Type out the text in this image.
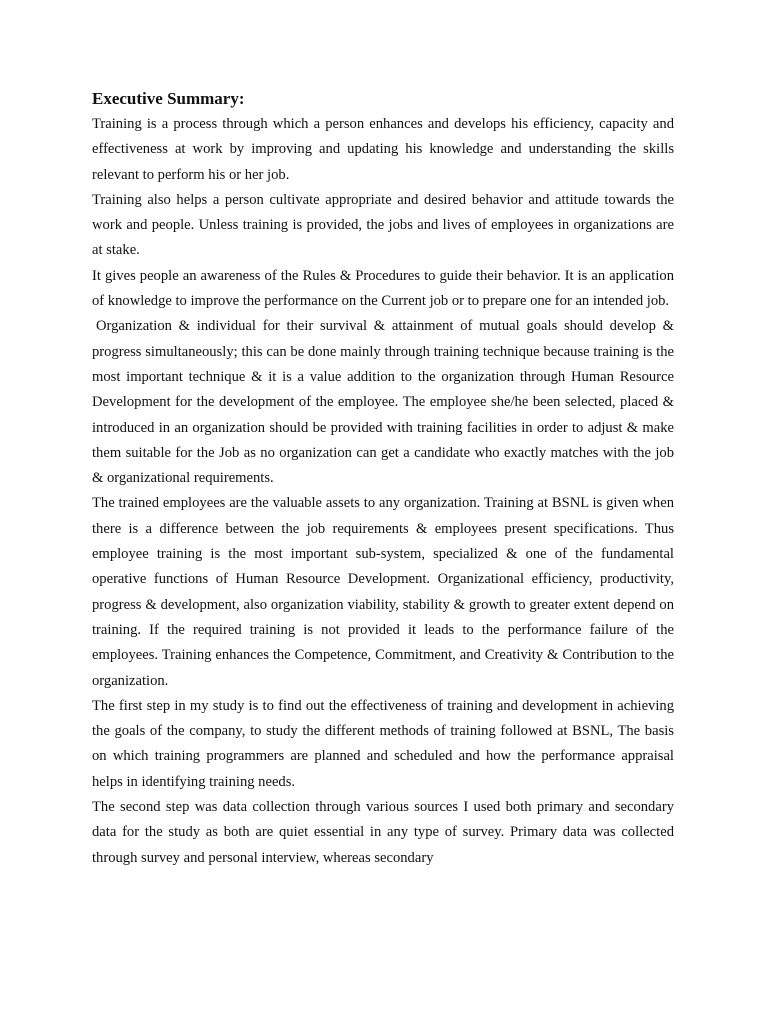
Executive Summary:

Training is a process through which a person enhances and develops his efficiency, capacity and effectiveness at work by improving and updating his knowledge and understanding the skills relevant to perform his or her job.

Training also helps a person cultivate appropriate and desired behavior and attitude towards the work and people. Unless training is provided, the jobs and lives of employees in organizations are at stake.

It gives people an awareness of the Rules & Procedures to guide their behavior. It is an application of knowledge to improve the performance on the Current job or to prepare one for an intended job.

Organization & individual for their survival & attainment of mutual goals should develop & progress simultaneously; this can be done mainly through training technique because training is the most important technique & it is a value addition to the organization through Human Resource Development for the development of the employee. The employee she/he been selected, placed & introduced in an organization should be provided with training facilities in order to adjust & make them suitable for the Job as no organization can get a candidate who exactly matches with the job & organizational requirements.

The trained employees are the valuable assets to any organization. Training at BSNL is given when there is a difference between the job requirements & employees present specifications. Thus employee training is the most important sub-system, specialized & one of the fundamental operative functions of Human Resource Development. Organizational efficiency, productivity, progress & development, also organization viability, stability & growth to greater extent depend on training. If the required training is not provided it leads to the performance failure of the employees. Training enhances the Competence, Commitment, and Creativity & Contribution to the organization.

The first step in my study is to find out the effectiveness of training and development in achieving the goals of the company, to study the different methods of training followed at BSNL, The basis on which training programmers are planned and scheduled and how the performance appraisal helps in identifying training needs.

The second step was data collection through various sources I used both primary and secondary data for the study as both are quiet essential in any type of survey. Primary data was collected through survey and personal interview, whereas secondary
